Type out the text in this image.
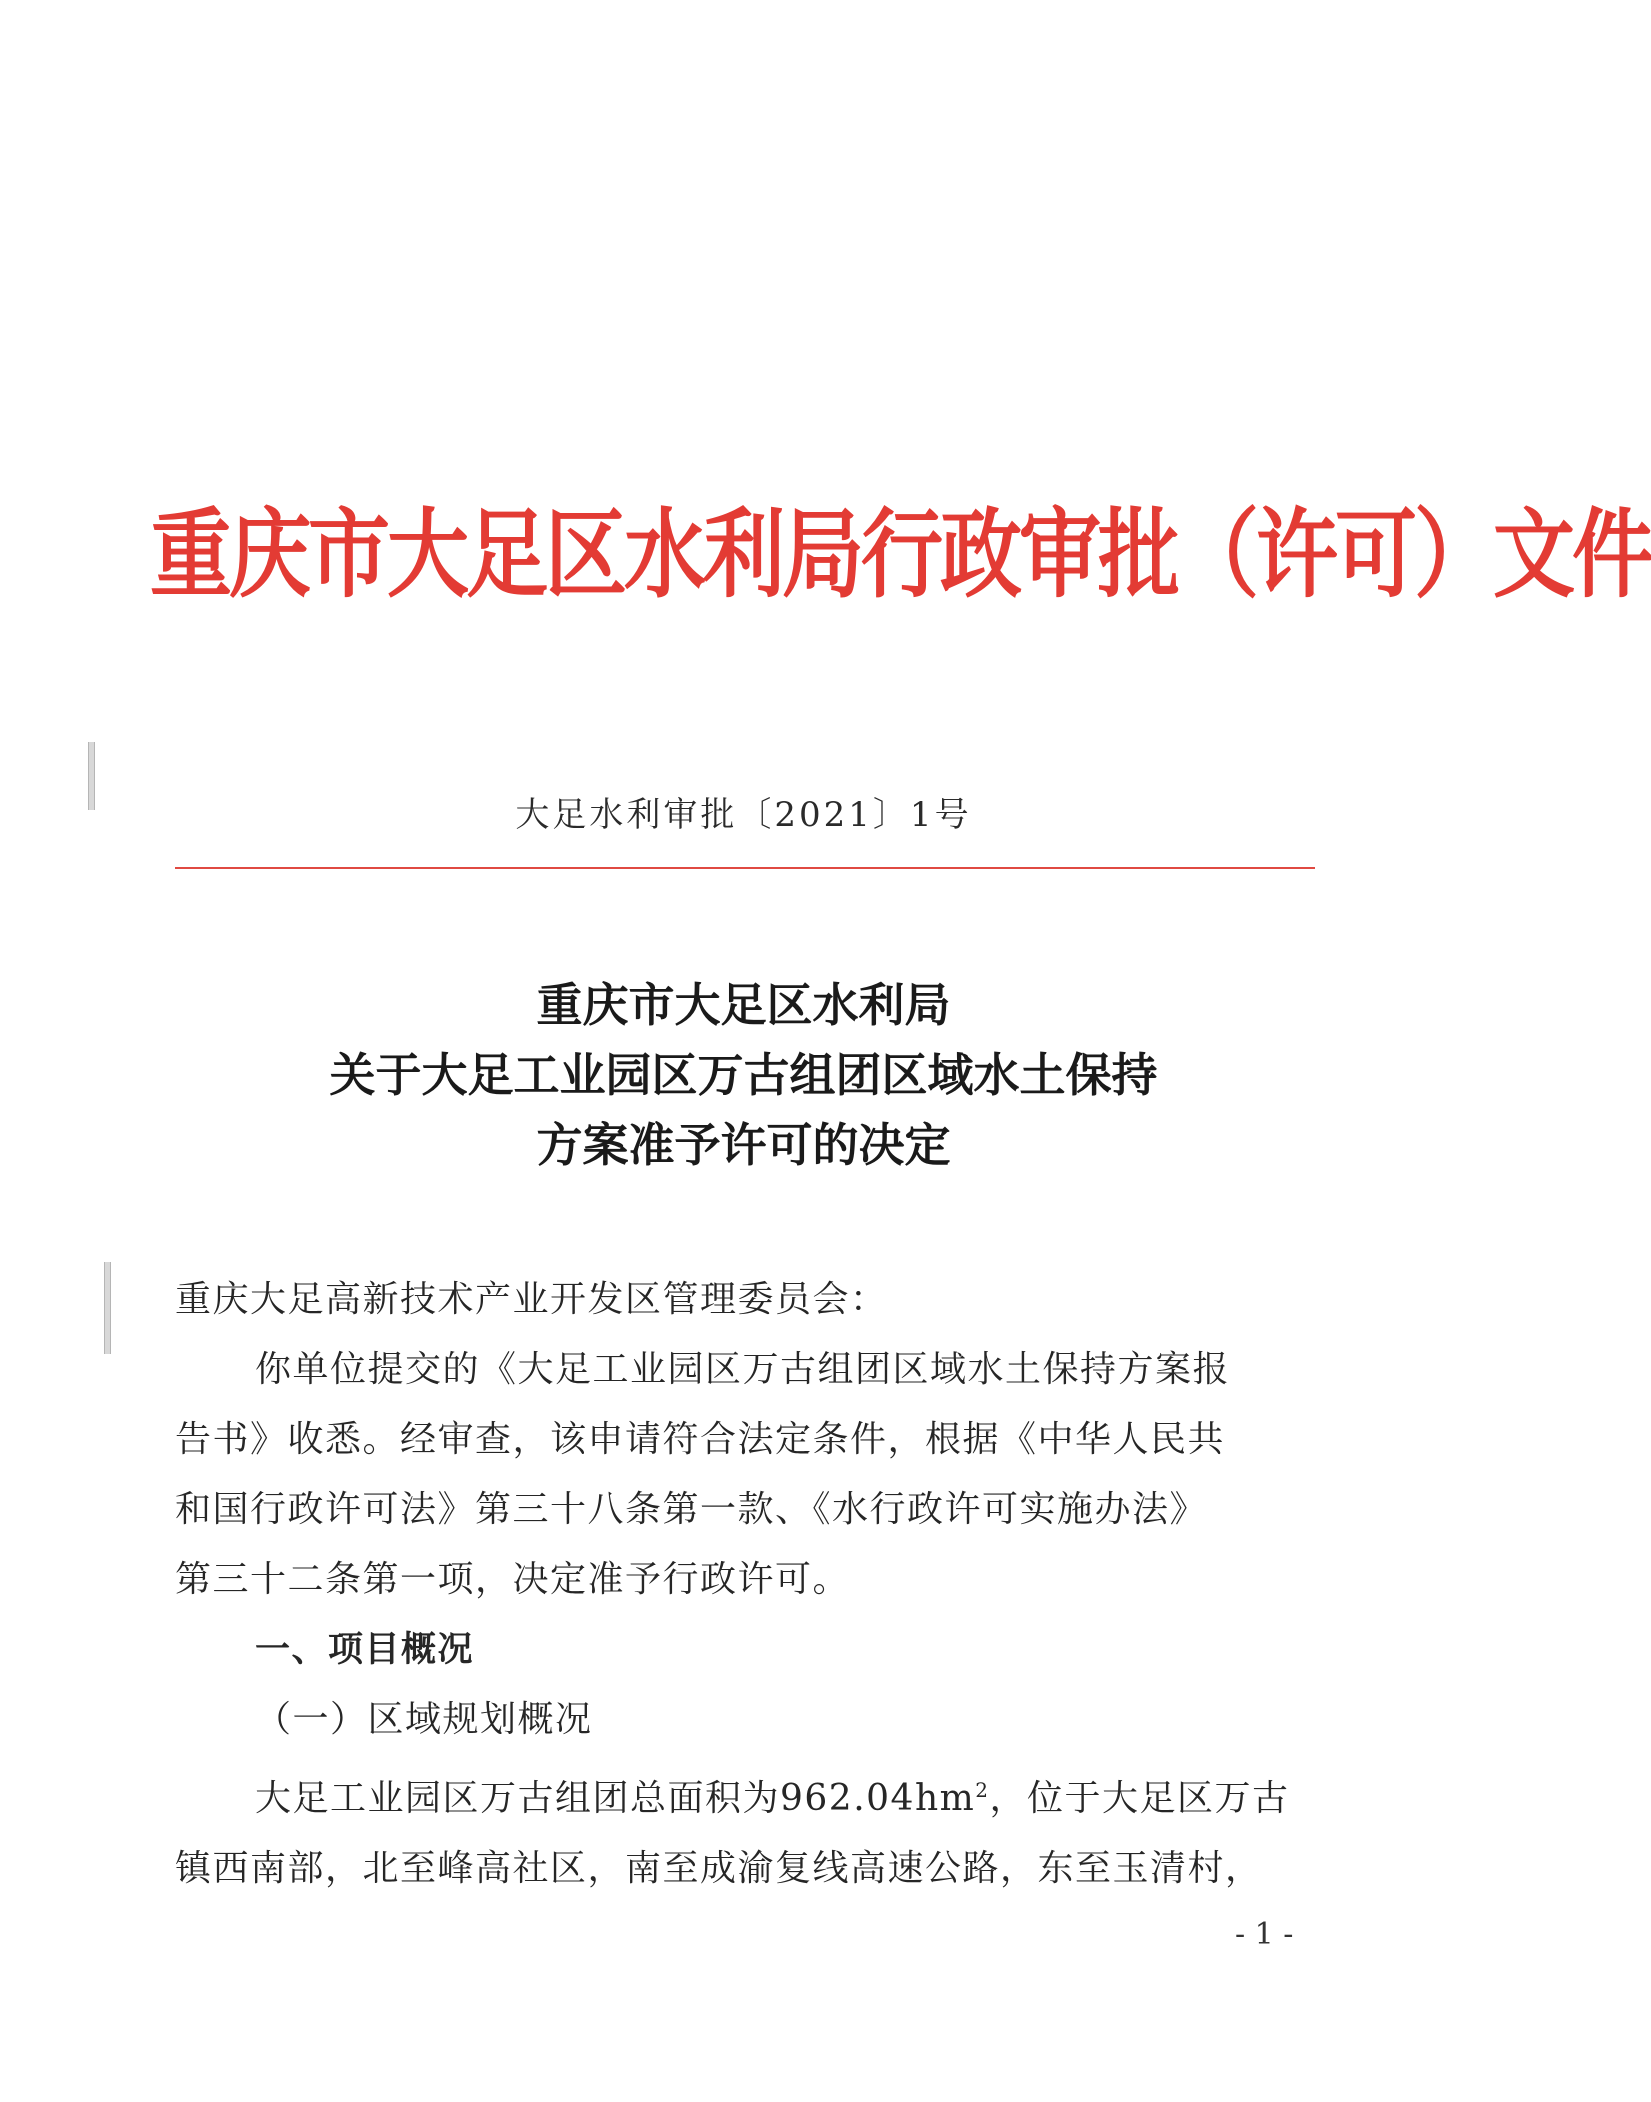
重庆市大足区水利局行政审批（许可）文件
大足水利审批〔2021〕1号
重庆市大足区水利局
关于大足工业园区万古组团区域水土保持
方案准予许可的决定

重庆大足高新技术产业开发区管理委员会：

你单位提交的《大足工业园区万古组团区域水土保持方案报

告书》收悉。经审查，该申请符合法定条件，根据《中华人民共

和国行政许可法》第三十八条第一款、《水行政许可实施办法》

第三十二条第一项，决定准予行政许可。

一、项目概况

（一）区域规划概况

大足工业园区万古组团总面积为$962.04hm^2$，位于大足区万古

镇西南部，北至峰高社区，南至成渝复线高速公路，东至玉清村，

- 1 -
